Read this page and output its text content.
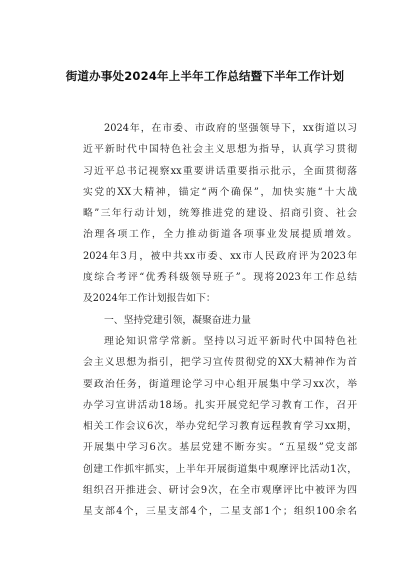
街道办事处2024年上半年工作总结暨下半年工作计划
2024年，在市委、市政府的坚强领导下，xx街道以习
近平新时代中国特色社会主义思想为指导，认真学习贯彻
习近平总书记视察xx重要讲话重要指示批示，全面贯彻落
实党的XX大精神，锚定“两个确保”，加快实施“十大战
略”三年行动计划，统筹推进党的建设、招商引资、社会
治理各项工作，全力推动街道各项事业发展提质增效。
2024年3月，被中共xx市委、xx市人民政府评为2023年
度综合考评“优秀科级领导班子”。现将2023年工作总结
及2024年工作计划报告如下：
一、坚持党建引领，凝聚奋进力量
理论知识常学常新。坚持以习近平新时代中国特色社
会主义思想为指引，把学习宣传贯彻党的XX大精神作为首
要政治任务，街道理论学习中心组开展集中学习xx次，举
办学习宣讲活动18场。扎实开展党纪学习教育工作，召开
相关工作会议6次，举办党纪学习教育远程教育学习xx期，
开展集中学习6次。基层党建不断夯实。“五星级”党支部
创建工作抓牢抓实，上半年开展街道集中观摩评比活动1次，
组织召开推进会、研讨会9次，在全市观摩评比中被评为四
星支部4个，三星支部4个，二星支部1个；组织100余名
